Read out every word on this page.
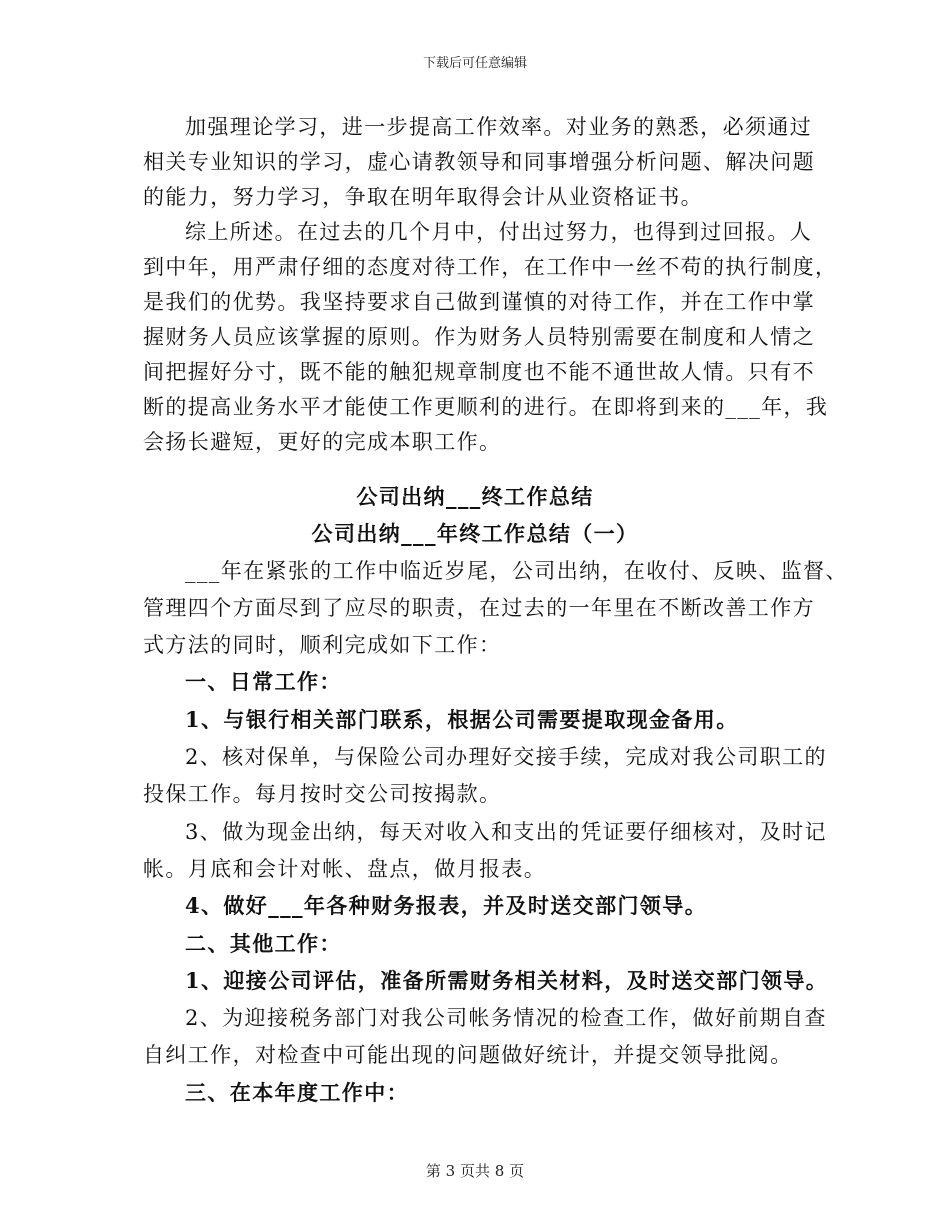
下载后可任意编辑
加强理论学习，进一步提高工作效率。对业务的熟悉，必须通过
相关专业知识的学习，虚心请教领导和同事增强分析问题、解决问题
的能力，努力学习，争取在明年取得会计从业资格证书。
综上所述。在过去的几个月中，付出过努力，也得到过回报。人
到中年，用严肃仔细的态度对待工作，在工作中一丝不苟的执行制度，
是我们的优势。我坚持要求自己做到谨慎的对待工作，并在工作中掌
握财务人员应该掌握的原则。作为财务人员特别需要在制度和人情之
间把握好分寸，既不能的触犯规章制度也不能不通世故人情。只有不
断的提高业务水平才能使工作更顺利的进行。在即将到来的___年，我
会扬长避短，更好的完成本职工作。
公司出纳___终工作总结
公司出纳___年终工作总结（一）
___年在紧张的工作中临近岁尾，公司出纳，在收付、反映、监督、
管理四个方面尽到了应尽的职责，在过去的一年里在不断改善工作方
式方法的同时，顺利完成如下工作：
一、日常工作：
1、与银行相关部门联系，根据公司需要提取现金备用。
2、核对保单，与保险公司办理好交接手续，完成对我公司职工的
投保工作。每月按时交公司按揭款。
3、做为现金出纳，每天对收入和支出的凭证要仔细核对，及时记
帐。月底和会计对帐、盘点，做月报表。
4、做好___年各种财务报表，并及时送交部门领导。
二、其他工作：
1、迎接公司评估，准备所需财务相关材料，及时送交部门领导。
2、为迎接税务部门对我公司帐务情况的检查工作，做好前期自查
自纠工作，对检查中可能出现的问题做好统计，并提交领导批阅。
三、在本年度工作中：
第 3 页共 8 页
